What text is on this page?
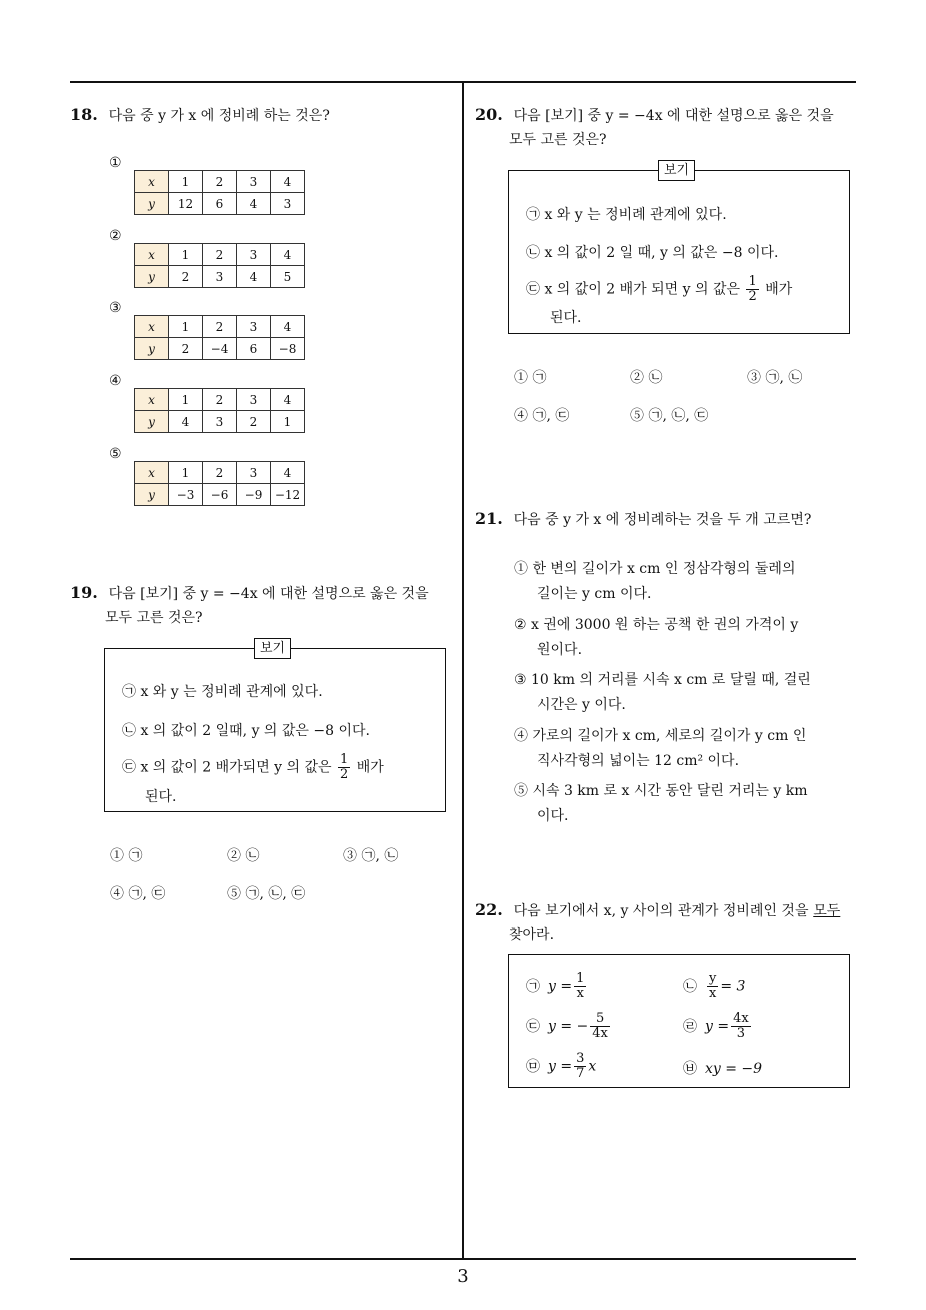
3
18. 다음 중 y 가 x 에 정비례 하는 것은?
①
x	1	2	3	4
y	12	6	4	3
②
x	1	2	3	4
y	2	3	4	5
③
x	1	2	3	4
y	2	−4	6	−8
④
x	1	2	3	4
y	4	3	2	1
⑤
x	1	2	3	4
y	−3	−6	−9	−12
19. 다음 [보기] 중 y = −4x 에 대한 설명으로 옳은 것을
모두 고른 것은?
보기
㉠ x 와 y 는 정비례 관계에 있다.
㉡ x 의 값이 2 일때, y 의 값은 −8 이다.
㉢ x 의 값이 2 배가되면 y 의 값은 $\frac{1}{2}$ 배가
된다.
① ㉠	② ㉡	③ ㉠, ㉡
④ ㉠, ㉢	⑤ ㉠, ㉡, ㉢
20. 다음 [보기] 중 y = −4x 에 대한 설명으로 옳은 것을
모두 고른 것은?
보기
㉠ x 와 y 는 정비례 관계에 있다.
㉡ x 의 값이 2 일 때, y 의 값은 −8 이다.
㉢ x 의 값이 2 배가 되면 y 의 값은 $\frac{1}{2}$ 배가
된다.
① ㉠	② ㉡	③ ㉠, ㉡
④ ㉠, ㉢	⑤ ㉠, ㉡, ㉢
21. 다음 중 y 가 x 에 정비례하는 것을 두 개 고르면?
① 한 변의 길이가 x cm 인 정삼각형의 둘레의
길이는 y cm 이다.
② x 권에 3000 원 하는 공책 한 권의 가격이 y
원이다.
③ 10 km 의 거리를 시속 x cm 로 달릴 때, 걸린
시간은 y 이다.
④ 가로의 길이가 x cm, 세로의 길이가 y cm 인
직사각형의 넓이는 12 cm² 이다.
⑤ 시속 3 km 로 x 시간 동안 달린 거리는 y km
이다.
22. 다음 보기에서 x, y 사이의 관계가 정비례인 것을 모두
찾아라.
㉠ $y = \frac{1}{x}$	㉡ $\frac{y}{x} = 3$
㉢ y = − $\frac{5}{4x}$	㉣ $y = \frac{4x}{3}$
㉤ $y = \frac{3}{7}$ x	㉥ xy = −9
